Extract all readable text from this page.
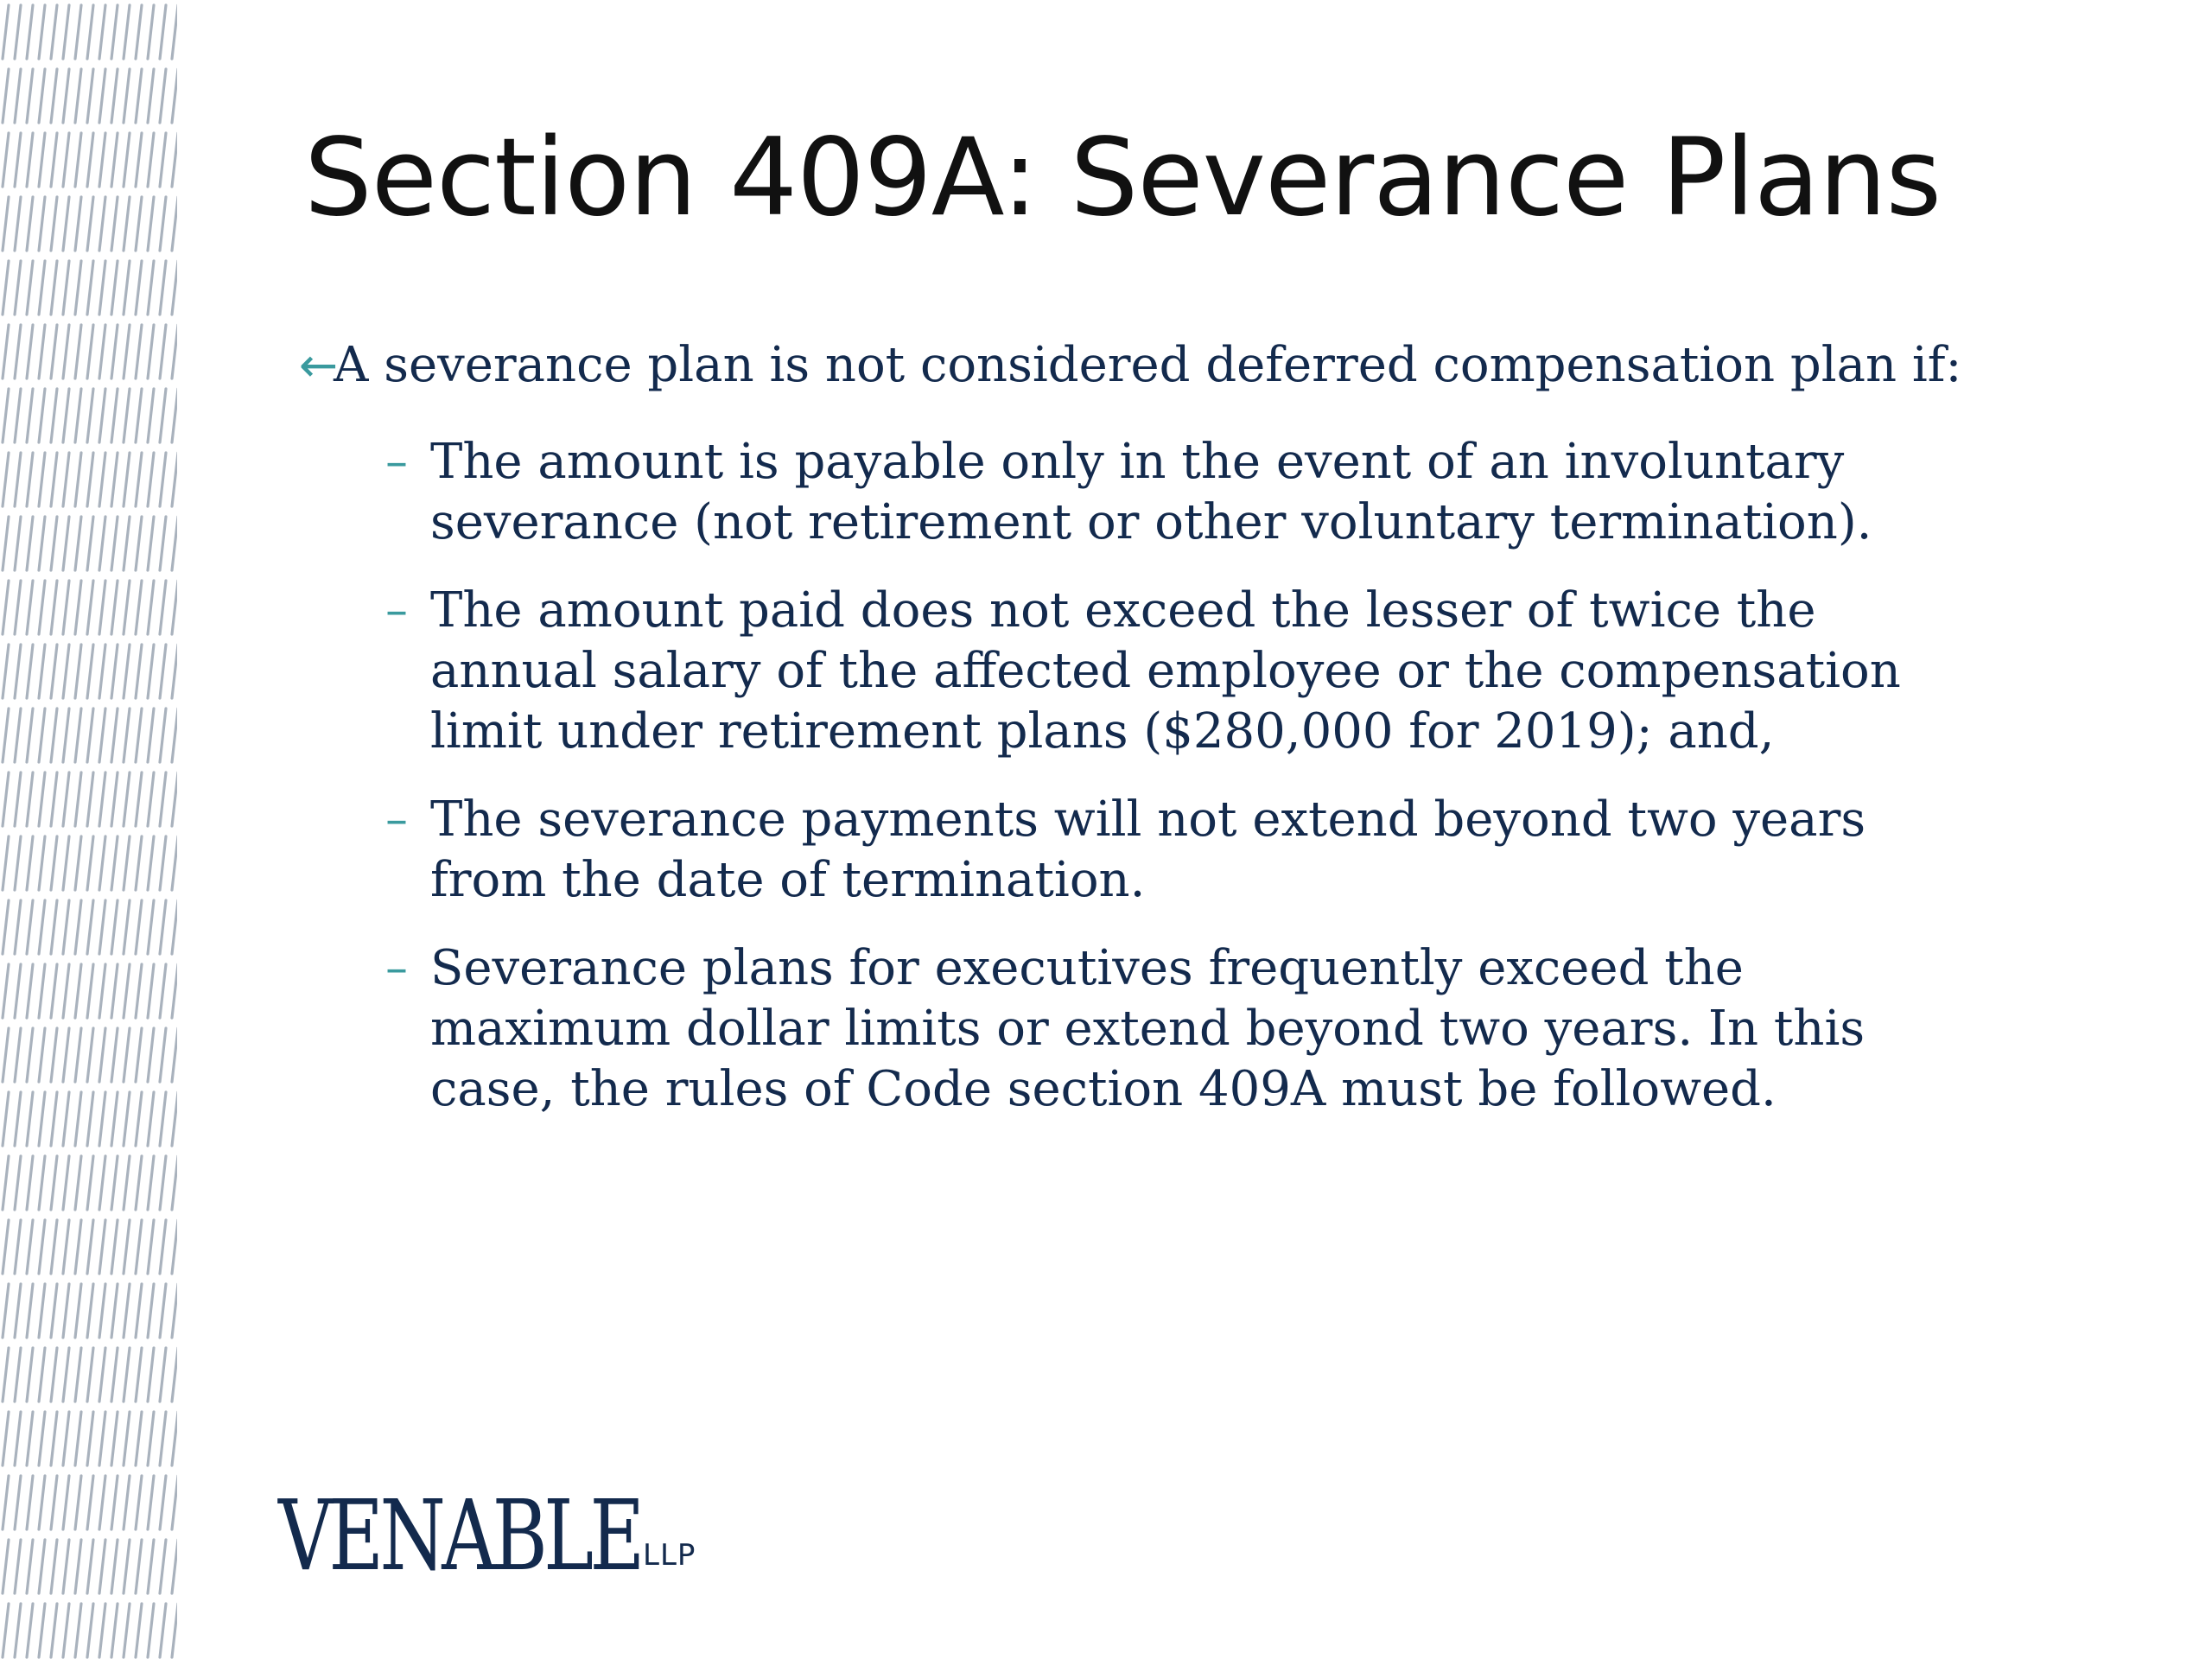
Section 409A: Severance Plans

←
A severance plan is not considered deferred compensation plan if:

– The amount is payable only in the event of an involuntary severance (not retirement or other voluntary termination).
– The amount paid does not exceed the lesser of twice the annual salary of the affected employee or the compensation limit under retirement plans ($280,000 for 2019); and,
– The severance payments will not extend beyond two years from the date of termination.
– Severance plans for executives frequently exceed the maximum dollar limits or extend beyond two years. In this case, the rules of Code section 409A must be followed.
VENABLE LLP
